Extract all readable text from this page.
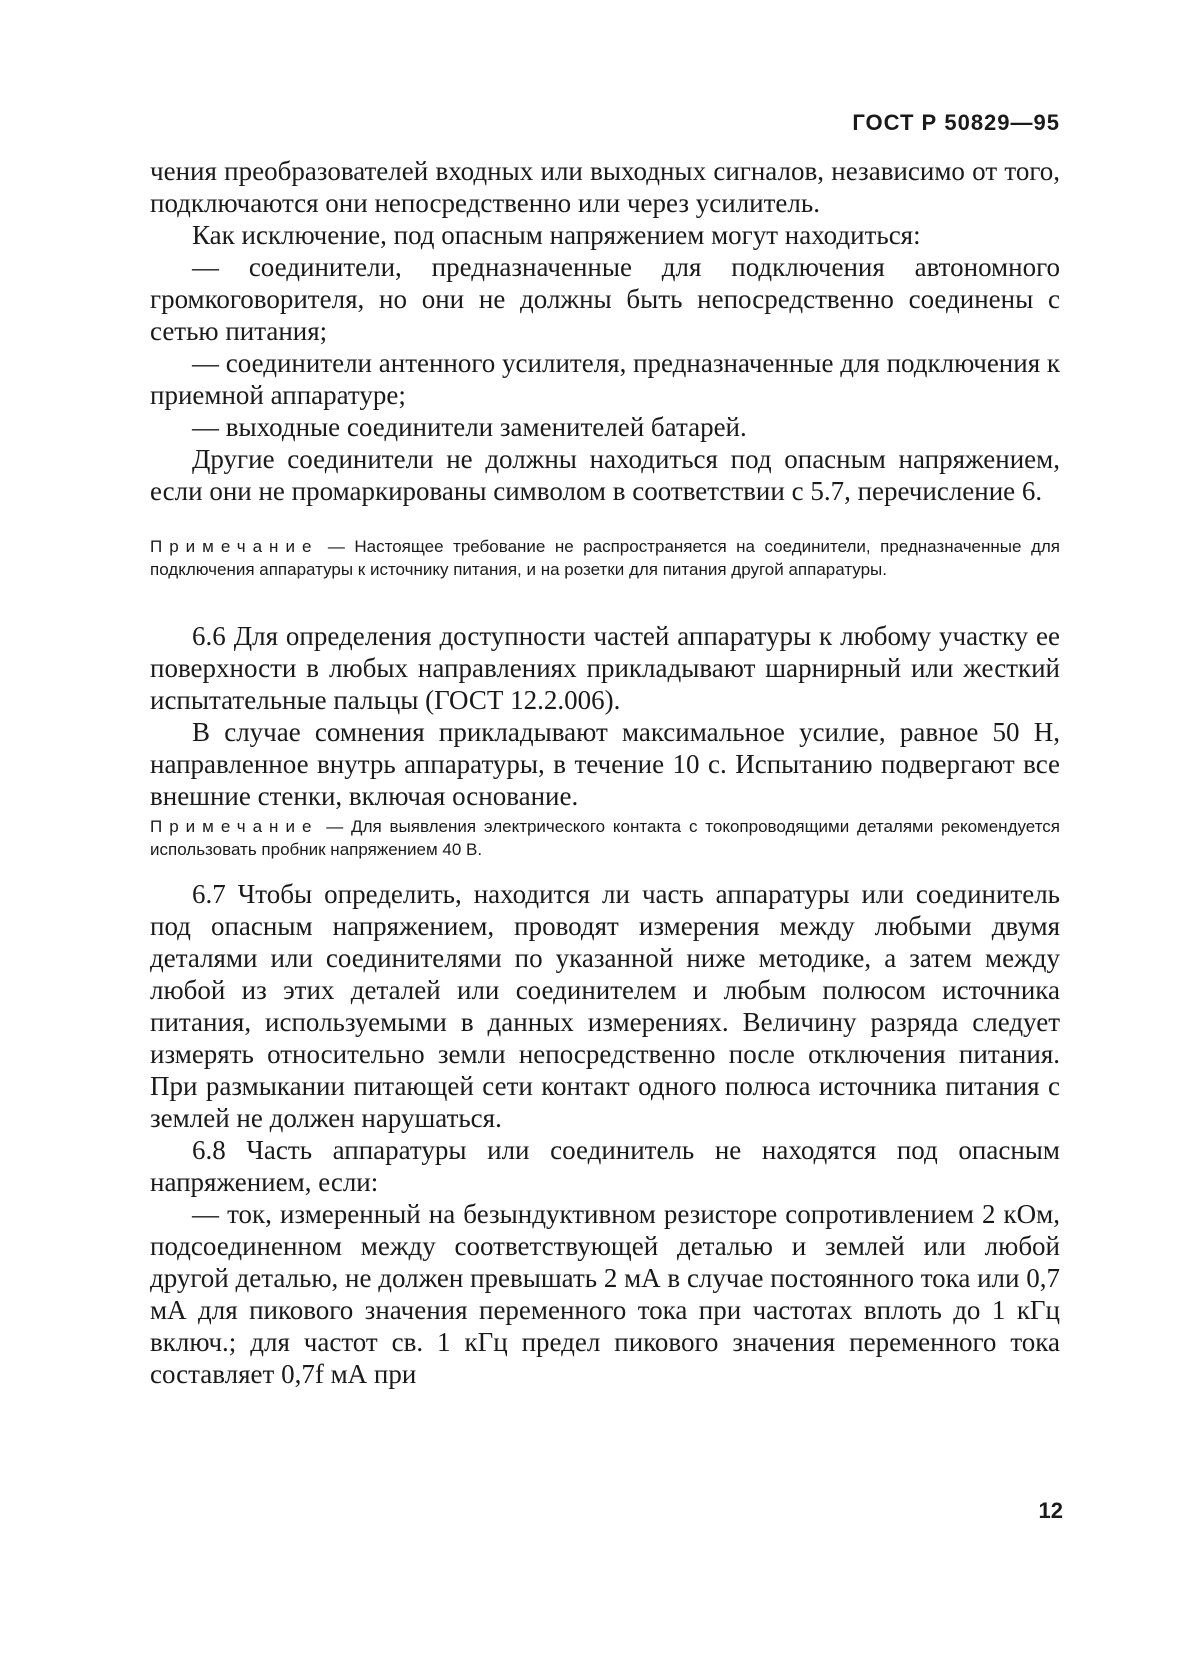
ГОСТ Р 50829—95

чения преобразователей входных или выходных сигналов, независимо от того, подключаются они непосредственно или через усилитель.

Как исключение, под опасным напряжением могут находиться:

— соединители, предназначенные для подключения автономного громкоговорителя, но они не должны быть непосредственно соединены с сетью питания;

— соединители антенного усилителя, предназначенные для подключения к приемной аппаратуре;

— выходные соединители заменителей батарей.

Другие соединители не должны находиться под опасным напряжением, если они не промаркированы символом в соответствии с 5.7, перечисление 6.

Примечание — Настоящее требование не распространяется на соединители, предназначенные для подключения аппаратуры к источнику питания, и на розетки для питания другой аппаратуры.

6.6 Для определения доступности частей аппаратуры к любому участку ее поверхности в любых направлениях прикладывают шарнирный или жесткий испытательные пальцы (ГОСТ 12.2.006).

В случае сомнения прикладывают максимальное усилие, равное 50 Н, направленное внутрь аппаратуры, в течение 10 с. Испытанию подвергают все внешние стенки, включая основание.

Примечание — Для выявления электрического контакта с токопроводящими деталями рекомендуется использовать пробник напряжением 40 В.

6.7 Чтобы определить, находится ли часть аппаратуры или соединитель под опасным напряжением, проводят измерения между любыми двумя деталями или соединителями по указанной ниже методике, а затем между любой из этих деталей или соединителем и любым полюсом источника питания, используемыми в данных измерениях. Величину разряда следует измерять относительно земли непосредственно после отключения питания. При размыкании питающей сети контакт одного полюса источника питания с землей не должен нарушаться.

6.8 Часть аппаратуры или соединитель не находятся под опасным напряжением, если:

— ток, измеренный на безындуктивном резисторе сопротивлением 2 кОм, подсоединенном между соответствующей деталью и землей или любой другой деталью, не должен превышать 2 мА в случае постоянного тока или 0,7 мА для пикового значения переменного тока при частотах вплоть до 1 кГц включ.; для частот св. 1 кГц предел пикового значения переменного тока составляет 0,7f мА при

12
